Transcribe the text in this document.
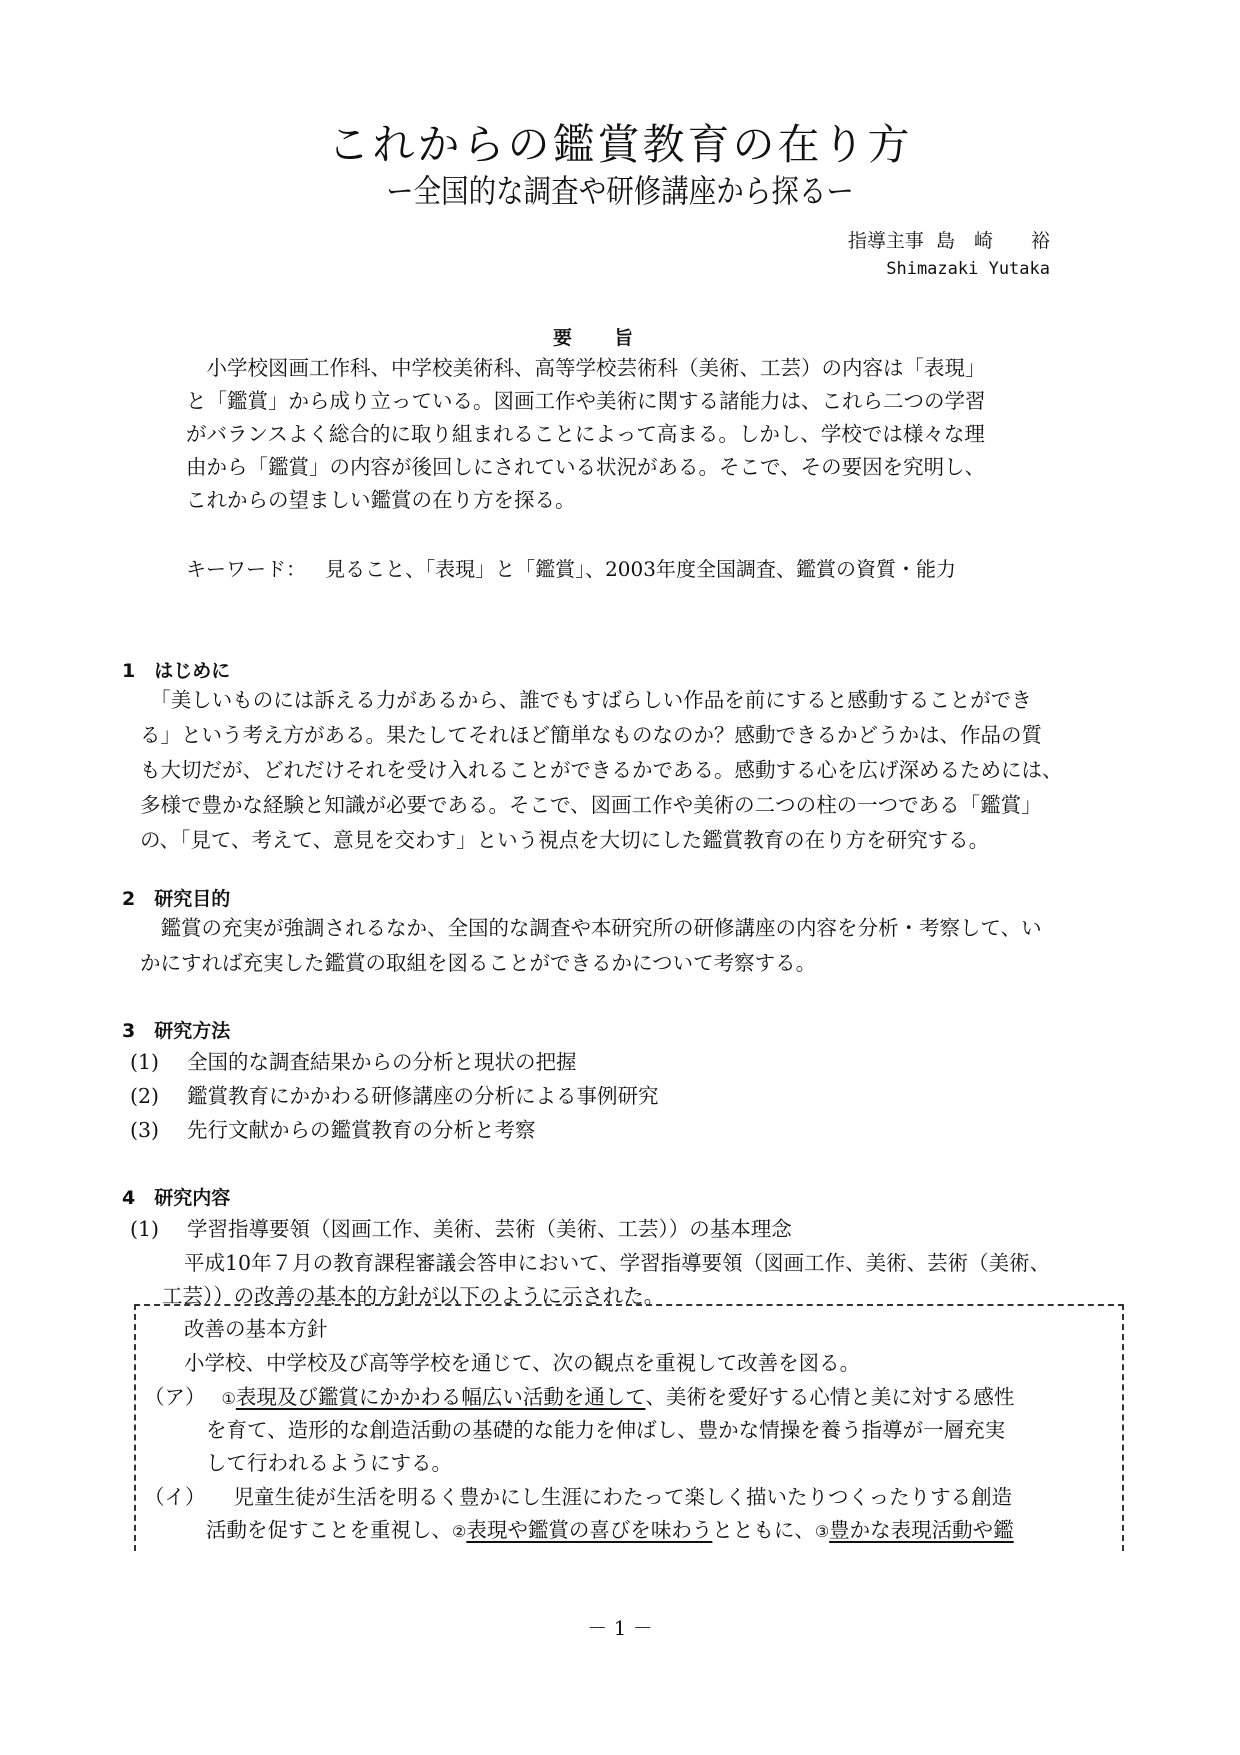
これからの鑑賞教育の在り方
ー全国的な調査や研修講座から探るー
指導主事 島　崎　　裕
Shimazaki Yutaka
要旨
　小学校図画工作科、中学校美術科、高等学校芸術科（美術、工芸）の内容は「表現」
と「鑑賞」から成り立っている。図画工作や美術に関する諸能力は、これら二つの学習
がバランスよく総合的に取り組まれることによって高まる。しかし、学校では様々な理
由から「鑑賞」の内容が後回しにされている状況がある。そこで、その要因を究明し、
これからの望ましい鑑賞の在り方を探る。
キーワード： 見ること、「表現」と「鑑賞」、2003年度全国調査、鑑賞の資質・能力
1　はじめに
　「美しいものには訴える力があるから、誰でもすばらしい作品を前にすると感動することができ
る」という考え方がある。果たしてそれほど簡単なものなのか？感動できるかどうかは、作品の質
も大切だが、どれだけそれを受け入れることができるかである。感動する心を広げ深めるためには、
多様で豊かな経験と知識が必要である。そこで、図画工作や美術の二つの柱の一つである「鑑賞」
の、「見て、考えて、意見を交わす」という視点を大切にした鑑賞教育の在り方を研究する。
2　研究目的
　鑑賞の充実が強調されるなか、全国的な調査や本研究所の研修講座の内容を分析・考察して、い
かにすれば充実した鑑賞の取組を図ることができるかについて考察する。
3　研究方法
(1) 全国的な調査結果からの分析と現状の把握
(2) 鑑賞教育にかかわる研修講座の分析による事例研究
(3) 先行文献からの鑑賞教育の分析と考察
4　研究内容
(1) 学習指導要領（図画工作、美術、芸術（美術、工芸））の基本理念
平成10年７月の教育課程審議会答申において、学習指導要領（図画工作、美術、芸術（美術、
工芸））の改善の基本的方針が以下のように示された。
改善の基本方針
小学校、中学校及び高等学校を通じて、次の観点を重視して改善を図る。
（ア） ①表現及び鑑賞にかかわる幅広い活動を通して、美術を愛好する心情と美に対する感性
を育て、造形的な創造活動の基礎的な能力を伸ばし、豊かな情操を養う指導が一層充実
して行われるようにする。
（イ） 児童生徒が生活を明るく豊かにし生涯にわたって楽しく描いたりつくったりする創造
活動を促すことを重視し、②表現や鑑賞の喜びを味わうとともに、③豊かな表現活動や鑑
－ 1 －
